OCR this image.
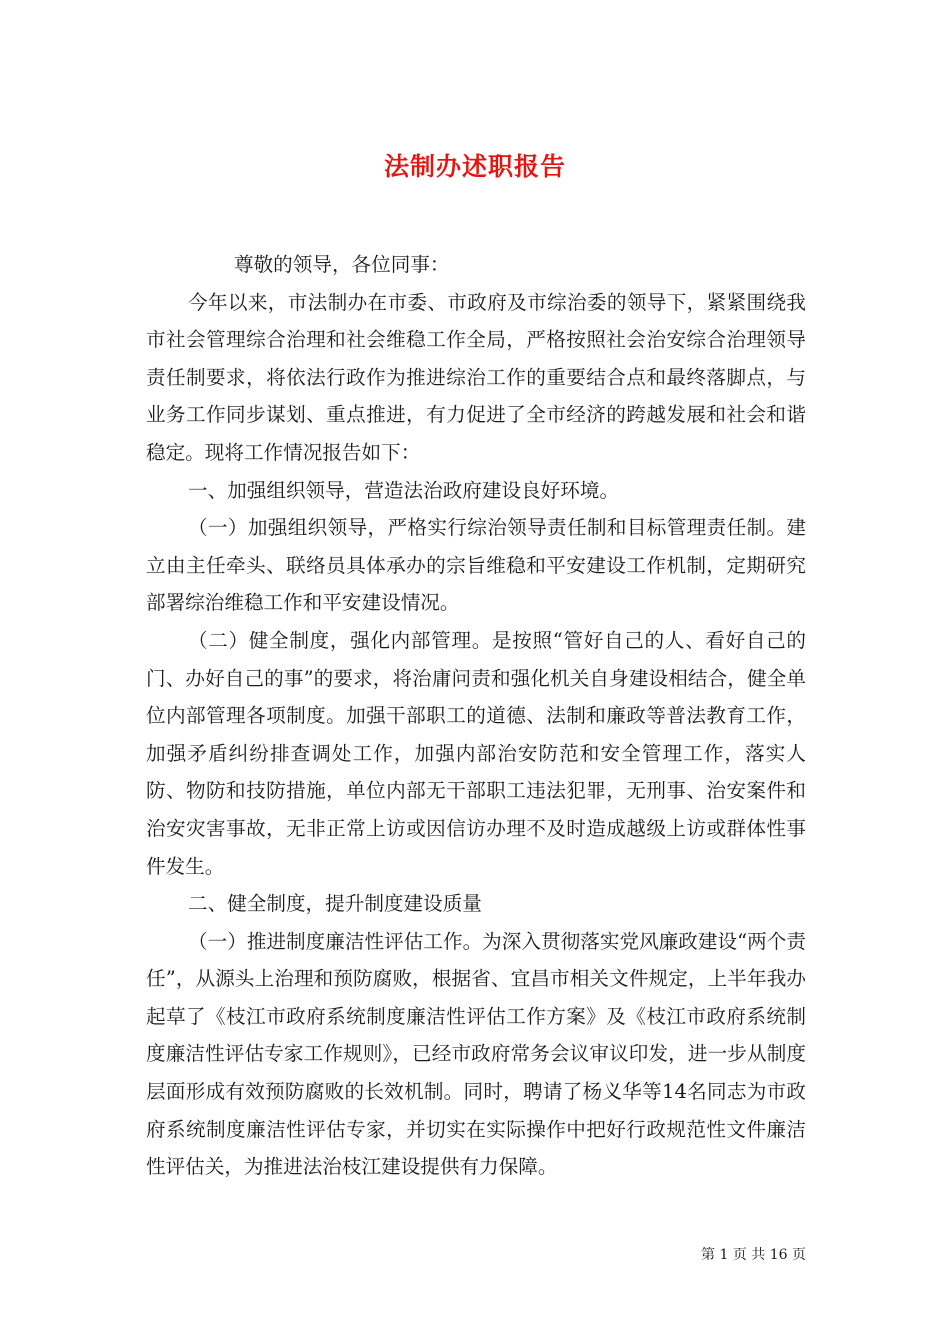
法制办述职报告

尊敬的领导，各位同事：

今年以来，市法制办在市委、市政府及市综治委的领导下，紧紧围绕我市社会管理综合治理和社会维稳工作全局，严格按照社会治安综合治理领导责任制要求，将依法行政作为推进综治工作的重要结合点和最终落脚点，与业务工作同步谋划、重点推进，有力促进了全市经济的跨越发展和社会和谐稳定。现将工作情况报告如下：

一、加强组织领导，营造法治政府建设良好环境。

（一）加强组织领导，严格实行综治领导责任制和目标管理责任制。建立由主任牵头、联络员具体承办的宗旨维稳和平安建设工作机制，定期研究部署综治维稳工作和平安建设情况。

（二）健全制度，强化内部管理。是按照“管好自己的人、看好自己的门、办好自己的事”的要求，将治庸问责和强化机关自身建设相结合，健全单位内部管理各项制度。加强干部职工的道德、法制和廉政等普法教育工作，加强矛盾纠纷排查调处工作，加强内部治安防范和安全管理工作，落实人防、物防和技防措施，单位内部无干部职工违法犯罪，无刑事、治安案件和治安灾害事故，无非正常上访或因信访办理不及时造成越级上访或群体性事件发生。

二、健全制度，提升制度建设质量

（一）推进制度廉洁性评估工作。为深入贯彻落实党风廉政建设“两个责任”，从源头上治理和预防腐败，根据省、宜昌市相关文件规定，上半年我办起草了《枝江市政府系统制度廉洁性评估工作方案》及《枝江市政府系统制度廉洁性评估专家工作规则》，已经市政府常务会议审议印发，进一步从制度层面形成有效预防腐败的长效机制。同时，聘请了杨义华等14名同志为市政府系统制度廉洁性评估专家，并切实在实际操作中把好行政规范性文件廉洁性评估关，为推进法治枝江建设提供有力保障。

第 1 页 共 16 页
